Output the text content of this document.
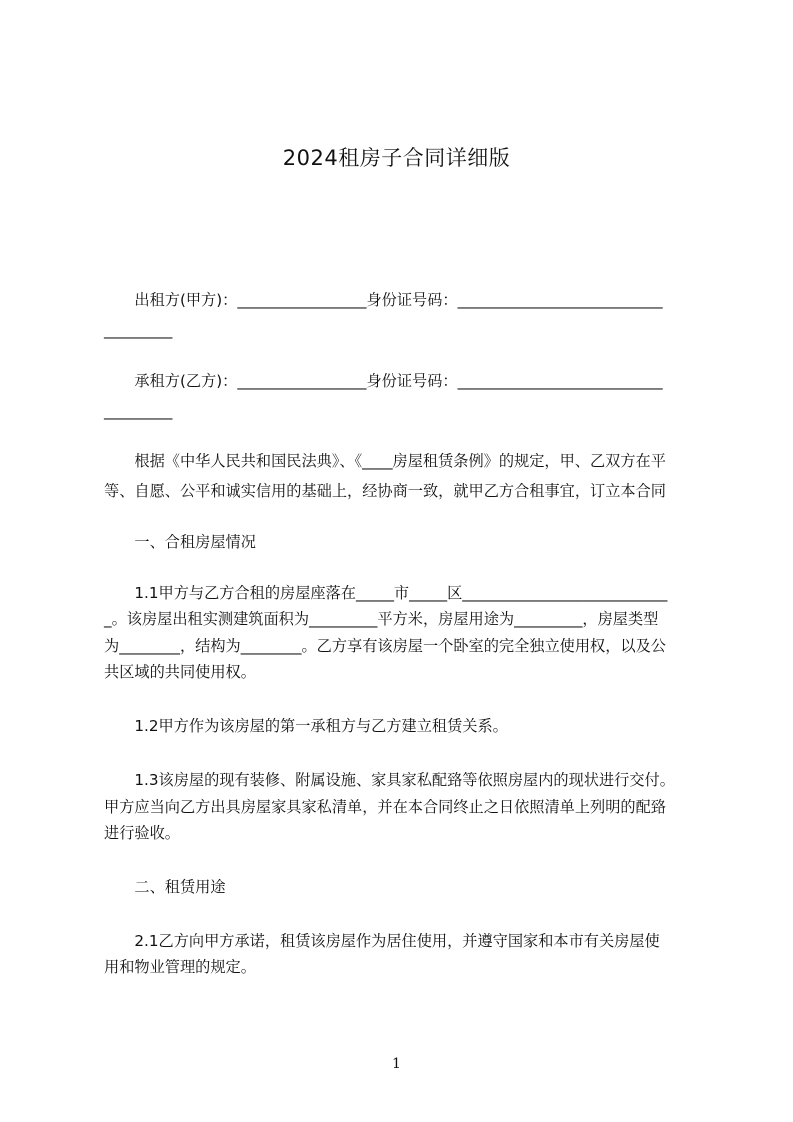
2024租房子合同详细版
　　出租方(甲方)：_________________身份证号码：___________________________
_________
　　承租方(乙方)：_________________身份证号码：___________________________
_________
　　根据《中华人民共和国民法典》、《____房屋租赁条例》的规定，甲、乙双方在平
等、自愿、公平和诚实信用的基础上，经协商一致，就甲乙方合租事宜，订立本合同
　　一、合租房屋情况
　　1.1甲方与乙方合租的房屋座落在_____市_____区___________________________
_。该房屋出租实测建筑面积为_________平方米，房屋用途为_________，房屋类型
为________，结构为________。乙方享有该房屋一个卧室的完全独立使用权，以及公
共区域的共同使用权。
　　1.2甲方作为该房屋的第一承租方与乙方建立租赁关系。
　　1.3该房屋的现有装修、附属设施、家具家私配臵等依照房屋内的现状进行交付。
甲方应当向乙方出具房屋家具家私清单，并在本合同终止之日依照清单上列明的配臵
进行验收。
　　二、租赁用途
　　2.1乙方向甲方承诺，租赁该房屋作为居住使用，并遵守国家和本市有关房屋使
用和物业管理的规定。
1
